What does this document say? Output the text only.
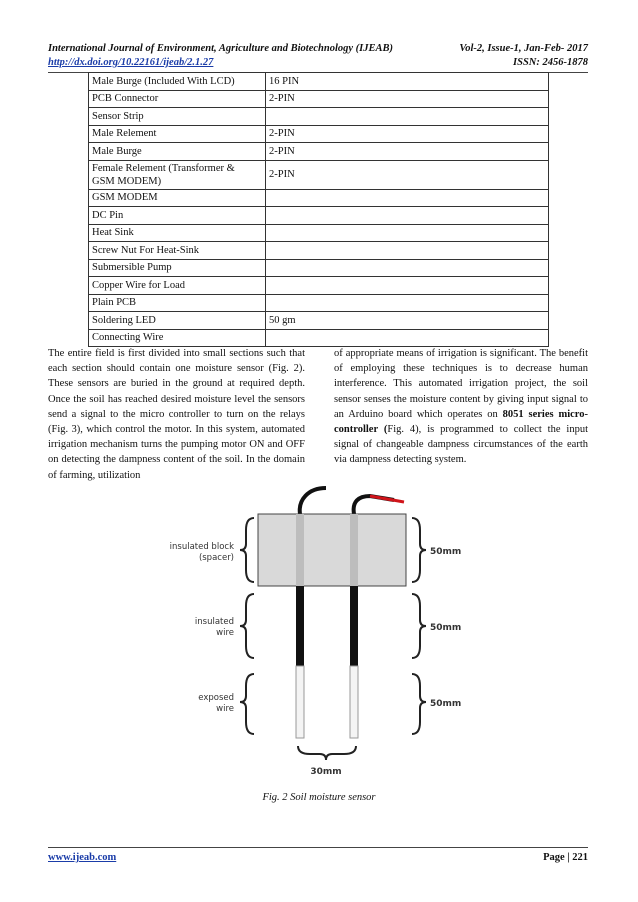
International Journal of Environment, Agriculture and Biotechnology (IJEAB)
http://dx.doi.org/10.22161/ijeab/2.1.27
Vol-2, Issue-1, Jan-Feb- 2017
ISSN: 2456-1878
Male Burge (Included With LCD)	16 PIN
PCB Connector	2-PIN
Sensor Strip	
Male Relement	2-PIN
Male Burge	2-PIN
Female Relement (Transformer &
GSM MODEM)	2-PIN
GSM MODEM	
DC Pin	
Heat Sink	
Screw Nut For Heat-Sink	
Submersible Pump	
Copper Wire for Load	
Plain PCB	
Soldering LED	50 gm
Connecting Wire	
The entire field is first divided into small sections such that each section should contain one moisture sensor (Fig. 2). These sensors are buried in the ground at required depth. Once the soil has reached desired moisture level the sensors send a signal to the micro controller to turn on the relays (Fig. 3), which control the motor. In this system, automated irrigation mechanism turns the pumping motor ON and OFF on detecting the dampness content of the soil. In the domain of farming, utilization
of appropriate means of irrigation is significant. The benefit of employing these techniques is to decrease human interference. This automated irrigation project, the soil sensor senses the moisture content by giving input signal to an Arduino board which operates on 8051 series micro-controller (Fig. 4), is programmed to collect the input signal of changeable dampness circumstances of the earth via dampness detecting system.
insulated block
(spacer)
insulated
wire
exposed
wire
50mm
50mm
50mm
30mm
Fig. 2 Soil moisture sensor
www.ijeab.com	Page | 221
